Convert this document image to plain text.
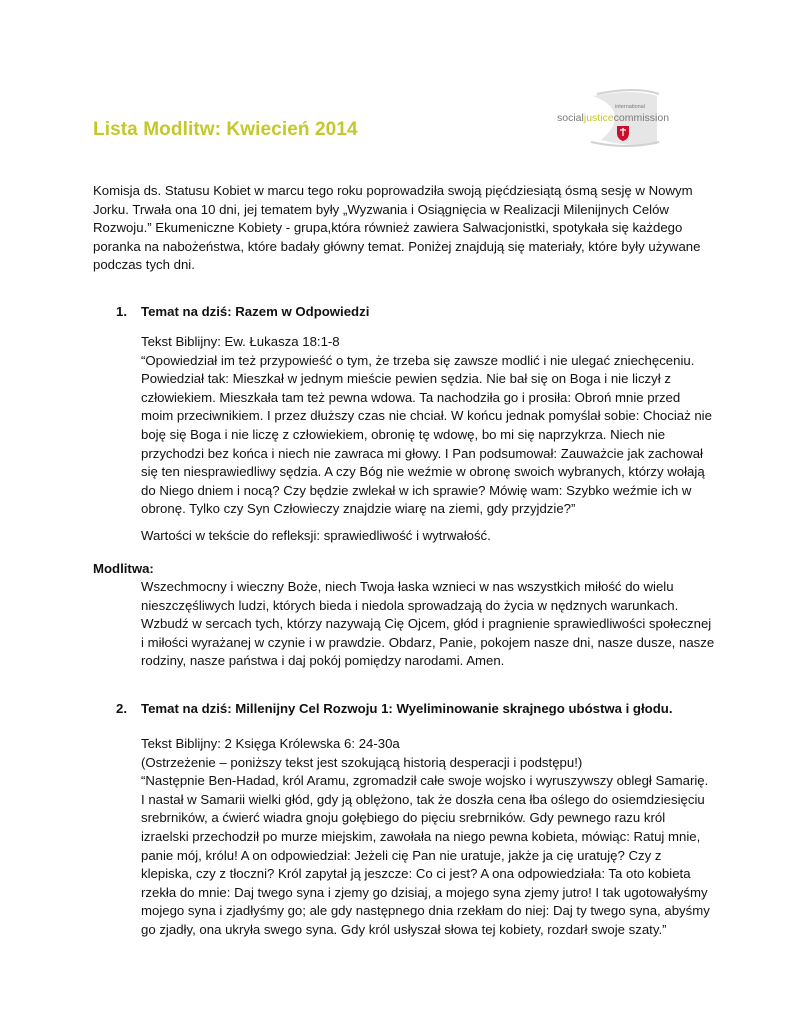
international
socialjusticecommission
Lista Modlitw: Kwiecień 2014
Komisja ds. Statusu Kobiet w marcu tego roku poprowadziła swoją pięćdziesiątą ósmą sesję w Nowym
Jorku. Trwała ona 10 dni, jej tematem były „Wyzwania i Osiągnięcia w Realizacji Milenijnych Celów
Rozwoju.” Ekumeniczne Kobiety - grupa,która również zawiera Salwacjonistki, spotykała się każdego
poranka na nabożeństwa, które badały główny temat. Poniżej znajdują się materiały, które były używane
podczas tych dni.
1. Temat na dziś: Razem w Odpowiedzi
Tekst Biblijny: Ew. Łukasza 18:1-8
“Opowiedział im też przypowieść o tym, że trzeba się zawsze modlić i nie ulegać zniechęceniu.
Powiedział tak: Mieszkał w jednym mieście pewien sędzia. Nie bał się on Boga i nie liczył z
człowiekiem. Mieszkała tam też pewna wdowa. Ta nachodziła go i prosiła: Obroń mnie przed
moim przeciwnikiem. I przez dłuższy czas nie chciał. W końcu jednak pomyślał sobie: Chociaż nie
boję się Boga i nie liczę z człowiekiem, obronię tę wdowę, bo mi się naprzykrza. Niech nie
przychodzi bez końca i niech nie zawraca mi głowy. I Pan podsumował: Zauważcie jak zachował
się ten niesprawiedliwy sędzia. A czy Bóg nie weźmie w obronę swoich wybranych, którzy wołają
do Niego dniem i nocą? Czy będzie zwlekał w ich sprawie? Mówię wam: Szybko weźmie ich w
obronę. Tylko czy Syn Człowieczy znajdzie wiarę na ziemi, gdy przyjdzie?”
Wartości w tekście do refleksji: sprawiedliwość i wytrwałość.

Modlitwa:

Wszechmocny i wieczny Boże, niech Twoja łaska wznieci w nas wszystkich miłość do wielu
nieszczęśliwych ludzi, których bieda i niedola sprowadzają do życia w nędznych warunkach.
Wzbudź w sercach tych, którzy nazywają Cię Ojcem, głód i pragnienie sprawiedliwości społecznej
i miłości wyrażanej w czynie i w prawdzie. Obdarz, Panie, pokojem nasze dni, nasze dusze, nasze
rodziny, nasze państwa i daj pokój pomiędzy narodami. Amen.
2. Temat na dziś: Millenijny Cel Rozwoju 1: Wyeliminowanie skrajnego ubóstwa i głodu.
Tekst Biblijny: 2 Księga Królewska 6: 24-30a
(Ostrzeżenie – poniższy tekst jest szokującą historią desperacji i podstępu!)
“Następnie Ben-Hadad, król Aramu, zgromadził całe swoje wojsko i wyruszywszy obległ Samarię.
I nastał w Samarii wielki głód, gdy ją oblężono, tak że doszła cena łba oślego do osiemdziesięciu
srebrników, a ćwierć wiadra gnoju gołębiego do pięciu srebrników. Gdy pewnego razu król
izraelski przechodził po murze miejskim, zawołała na niego pewna kobieta, mówiąc: Ratuj mnie,
panie mój, królu! A on odpowiedział: Jeżeli cię Pan nie uratuje, jakże ja cię uratuję? Czy z
klepiska, czy z tłoczni? Król zapytał ją jeszcze: Co ci jest? A ona odpowiedziała: Ta oto kobieta
rzekła do mnie: Daj twego syna i zjemy go dzisiaj, a mojego syna zjemy jutro! I tak ugotowałyśmy
mojego syna i zjadłyśmy go; ale gdy następnego dnia rzekłam do niej: Daj ty twego syna, abyśmy
go zjadły, ona ukryła swego syna. Gdy król usłyszał słowa tej kobiety, rozdarł swoje szaty.”
